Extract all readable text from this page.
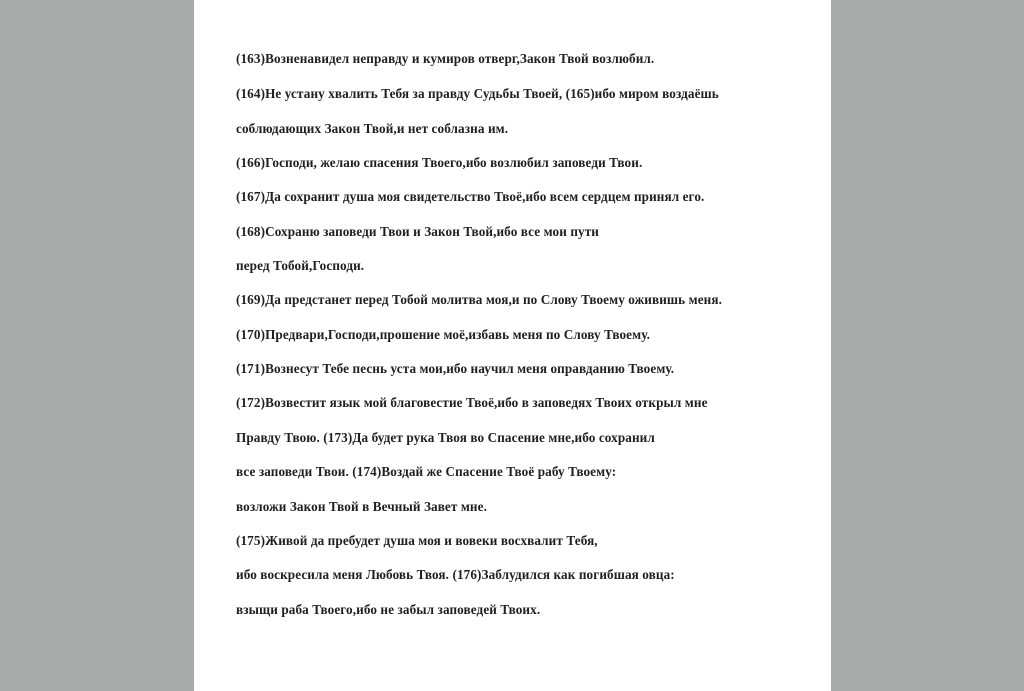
(163)Возненавидел неправду и кумиров отверг,Закон Твой возлюбил.
(164)Не устану хвалить Тебя за правду Судьбы Твоей, (165)ибо миром воздаёшь
соблюдающих Закон Твой,и нет соблазна им.
(166)Господи, желаю спасения Твоего,ибо возлюбил заповеди Твои.
(167)Да сохранит душа моя свидетельство Твоё,ибо всем сердцем принял его.
(168)Сохраню заповеди Твои и Закон Твой,ибо все мои пути
перед Тобой,Господи.
(169)Да предстанет перед Тобой молитва моя,и по Слову Твоему оживишь меня.
(170)Предвари,Господи,прошение моё,избавь меня по Слову Твоему.
(171)Вознесут Тебе песнь уста мои,ибо научил меня оправданию Твоему.
(172)Возвестит язык мой благовестие Твоё,ибо в заповедях Твоих открыл мне
Правду Твою. (173)Да будет рука Твоя во Спасение мне,ибо сохранил
все заповеди Твои. (174)Воздай же Спасение Твоё рабу Твоему:
возложи Закон Твой в Вечный Завет мне.
(175)Живой да пребудет душа моя и вовеки восхвалит Тебя,
ибо воскресила меня Любовь Твоя. (176)Заблудился как погибшая овца:
взыщи раба Твоего,ибо не забыл заповедей Твоих.
